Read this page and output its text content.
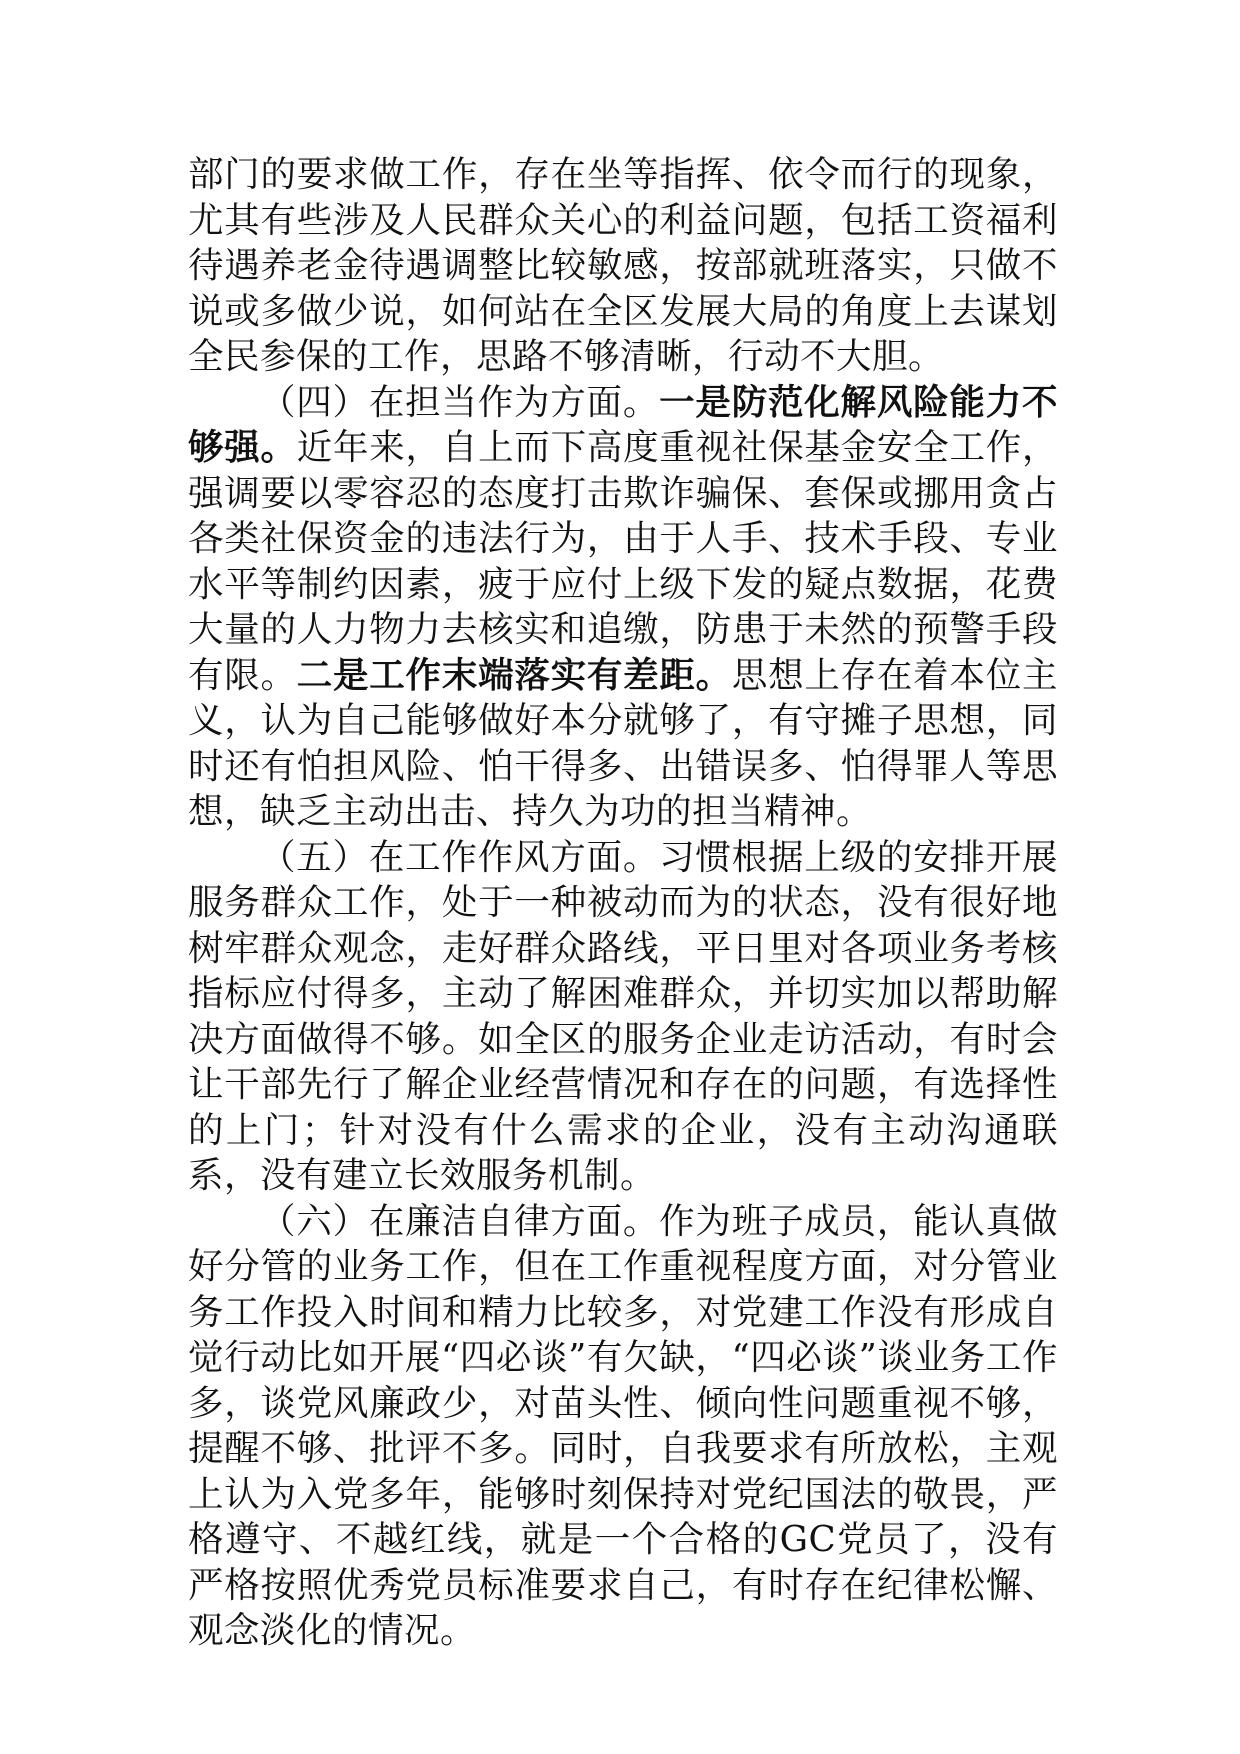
部门的要求做工作，存在坐等指挥、依令而行的现象，尤其有些涉及人民群众关心的利益问题，包括工资福利待遇养老金待遇调整比较敏感，按部就班落实，只做不说或多做少说，如何站在全区发展大局的角度上去谋划全民参保的工作，思路不够清晰，行动不大胆。

（四）在担当作为方面。一是防范化解风险能力不够强。近年来，自上而下高度重视社保基金安全工作，强调要以零容忍的态度打击欺诈骗保、套保或挪用贪占各类社保资金的违法行为，由于人手、技术手段、专业水平等制约因素，疲于应付上级下发的疑点数据，花费大量的人力物力去核实和追缴，防患于未然的预警手段有限。二是工作末端落实有差距。思想上存在着本位主义，认为自己能够做好本分就够了，有守摊子思想，同时还有怕担风险、怕干得多、出错误多、怕得罪人等思想，缺乏主动出击、持久为功的担当精神。

（五）在工作作风方面。习惯根据上级的安排开展服务群众工作，处于一种被动而为的状态，没有很好地树牢群众观念，走好群众路线，平日里对各项业务考核指标应付得多，主动了解困难群众，并切实加以帮助解决方面做得不够。如全区的服务企业走访活动，有时会让干部先行了解企业经营情况和存在的问题，有选择性的上门；针对没有什么需求的企业，没有主动沟通联系，没有建立长效服务机制。

（六）在廉洁自律方面。作为班子成员，能认真做好分管的业务工作，但在工作重视程度方面，对分管业务工作投入时间和精力比较多，对党建工作没有形成自觉行动比如开展“四必谈”有欠缺，“四必谈”谈业务工作多，谈党风廉政少，对苗头性、倾向性问题重视不够，提醒不够、批评不多。同时，自我要求有所放松，主观上认为入党多年，能够时刻保持对党纪国法的敬畏，严格遵守、不越红线，就是一个合格的GC党员了，没有严格按照优秀党员标准要求自己，有时存在纪律松懈、观念淡化的情况。
